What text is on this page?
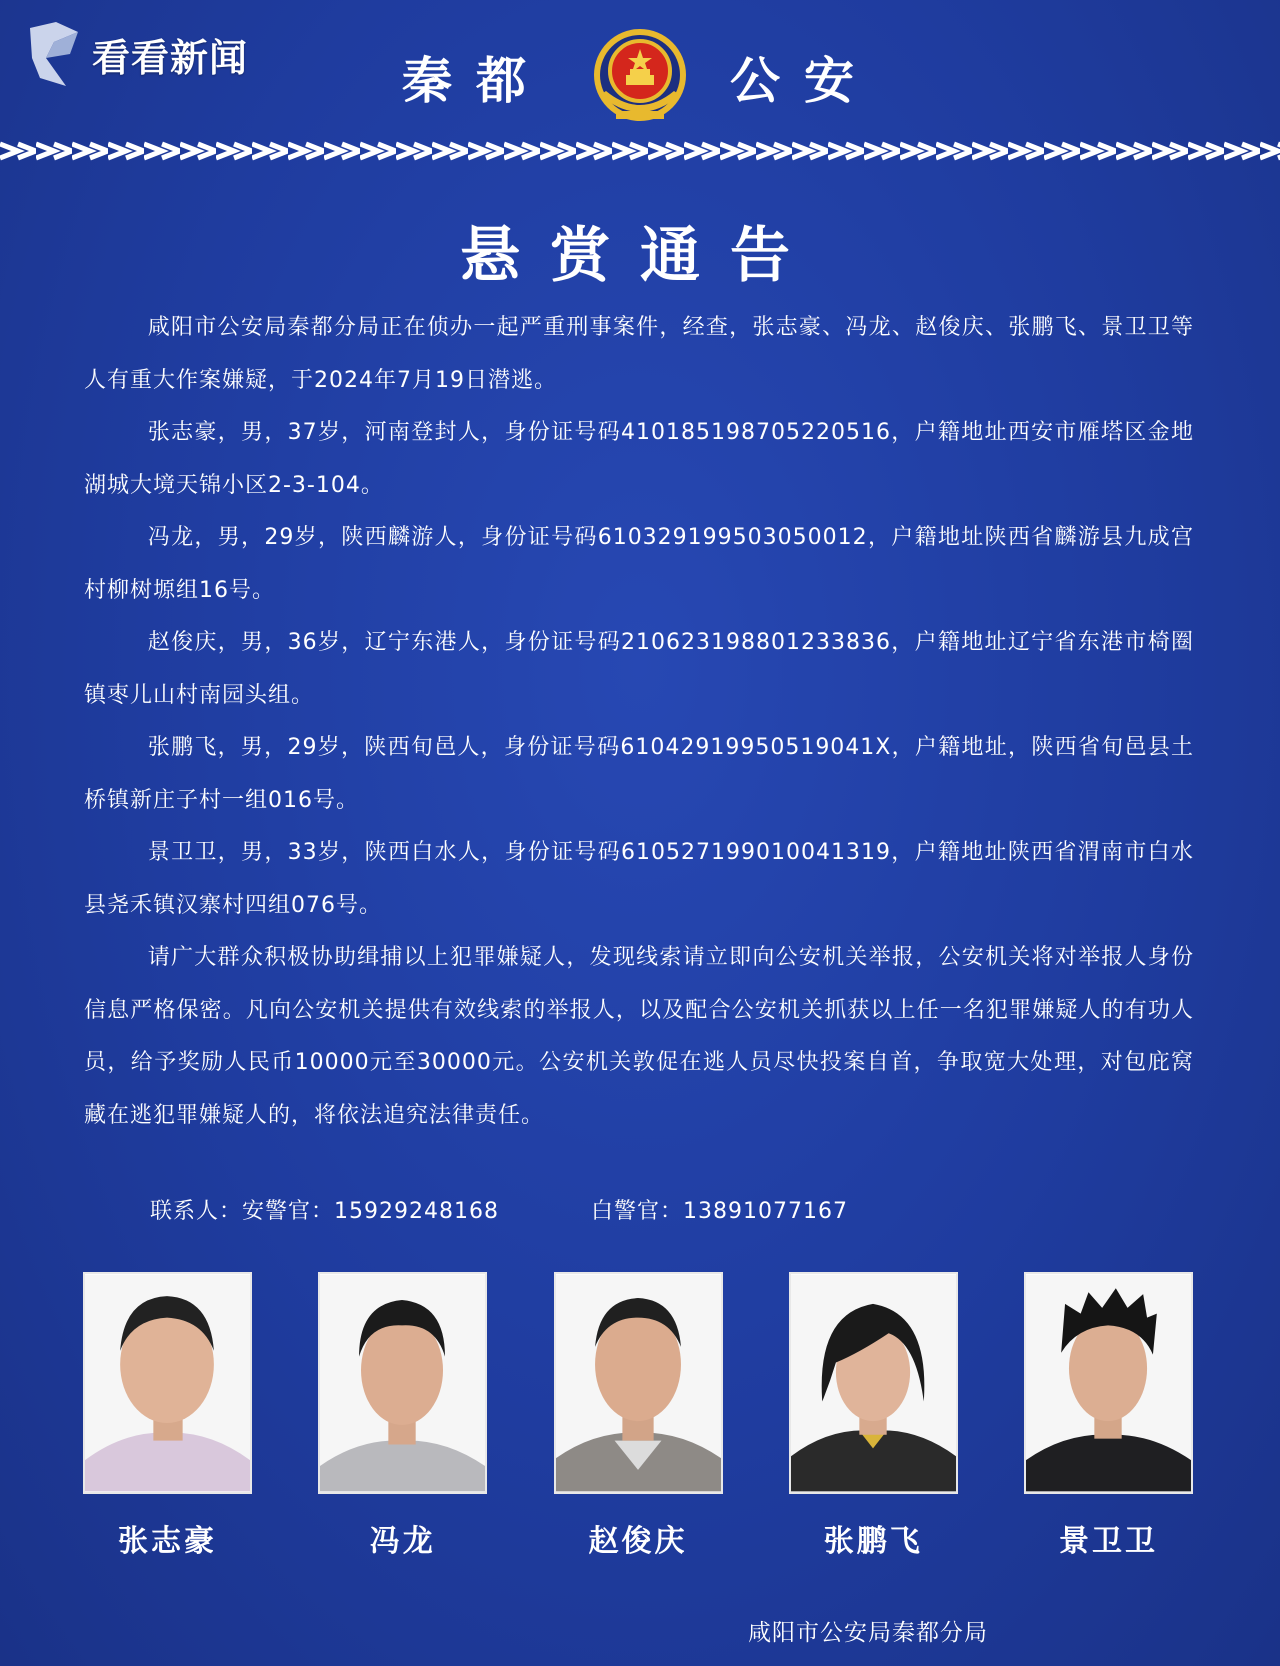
看看新闻	秦都	公安
悬赏通告

咸阳市公安局秦都分局正在侦办一起严重刑事案件，经查，张志豪、冯龙、赵俊庆、张鹏飞、景卫卫等人有重大作案嫌疑，于2024年7月19日潜逃。

张志豪，男，37岁，河南登封人，身份证号码410185198705220516，户籍地址西安市雁塔区金地湖城大境天锦小区2-3-104。

冯龙，男，29岁，陕西麟游人，身份证号码610329199503050012，户籍地址陕西省麟游县九成宫村柳树塬组16号。

赵俊庆，男，36岁，辽宁东港人，身份证号码210623198801233836，户籍地址辽宁省东港市椅圈镇枣儿山村南园头组。

张鹏飞，男，29岁，陕西旬邑人，身份证号码61042919950519041X，户籍地址，陕西省旬邑县土桥镇新庄子村一组016号。

景卫卫，男，33岁，陕西白水人，身份证号码610527199010041319，户籍地址陕西省渭南市白水县尧禾镇汉寨村四组076号。

请广大群众积极协助缉捕以上犯罪嫌疑人，发现线索请立即向公安机关举报，公安机关将对举报人身份信息严格保密。凡向公安机关提供有效线索的举报人，以及配合公安机关抓获以上任一名犯罪嫌疑人的有功人员，给予奖励人民币10000元至30000元。公安机关敦促在逃人员尽快投案自首，争取宽大处理，对包庇窝藏在逃犯罪嫌疑人的，将依法追究法律责任。

联系人：安警官：15929248168	白警官：13891077167
张志豪	冯龙	赵俊庆	张鹏飞	景卫卫
咸阳市公安局秦都分局
